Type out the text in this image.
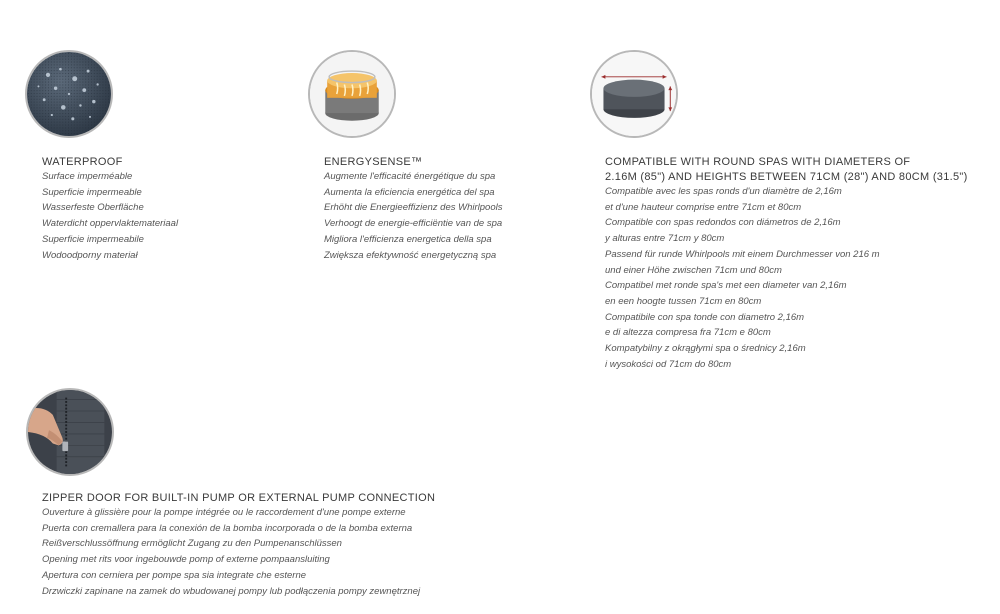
WATERPROOF
Surface imperméable
Superficie impermeable
Wasserfeste Oberfläche
Waterdicht oppervlaktemateriaal
Superficie impermeabile
Wodoodporny materiał
ENERGYSENSE™
Augmente l'efficacité énergétique du spa
Aumenta la eficiencia energética del spa
Erhöht die Energieeffizienz des Whirlpools
Verhoogt de energie-efficiëntie van de spa
Migliora l'efficienza energetica della spa
Zwiększa efektywność energetyczną spa
COMPATIBLE WITH ROUND SPAS WITH DIAMETERS OF
2.16M (85") AND HEIGHTS BETWEEN 71CM (28") AND 80CM (31.5")
Compatible avec les spas ronds d'un diamètre de 2,16m
et d'une hauteur comprise entre 71cm et 80cm
Compatible con spas redondos con diámetros de 2,16m
y alturas entre 71cm y 80cm
Passend für runde Whirlpools mit einem Durchmesser von 216 m
und einer Höhe zwischen 71cm und 80cm
Compatibel met ronde spa's met een diameter van 2,16m
en een hoogte tussen 71cm en 80cm
Compatibile con spa tonde con diametro 2,16m
e di altezza compresa fra 71cm e 80cm
Kompatybilny z okrągłymi spa o średnicy 2,16m
i wysokości od 71cm do 80cm
ZIPPER DOOR FOR BUILT-IN PUMP OR EXTERNAL PUMP CONNECTION
Ouverture à glissière pour la pompe intégrée ou le raccordement d'une pompe externe
Puerta con cremallera para la conexión de la bomba incorporada o de la bomba externa
Reißverschlussöffnung ermöglicht Zugang zu den Pumpenanschlüssen
Opening met rits voor ingebouwde pomp of externe pompaansluiting
Apertura con cerniera per pompe spa sia integrate che esterne
Drzwiczki zapinane na zamek do wbudowanej pompy lub podłączenia pompy zewnętrznej
